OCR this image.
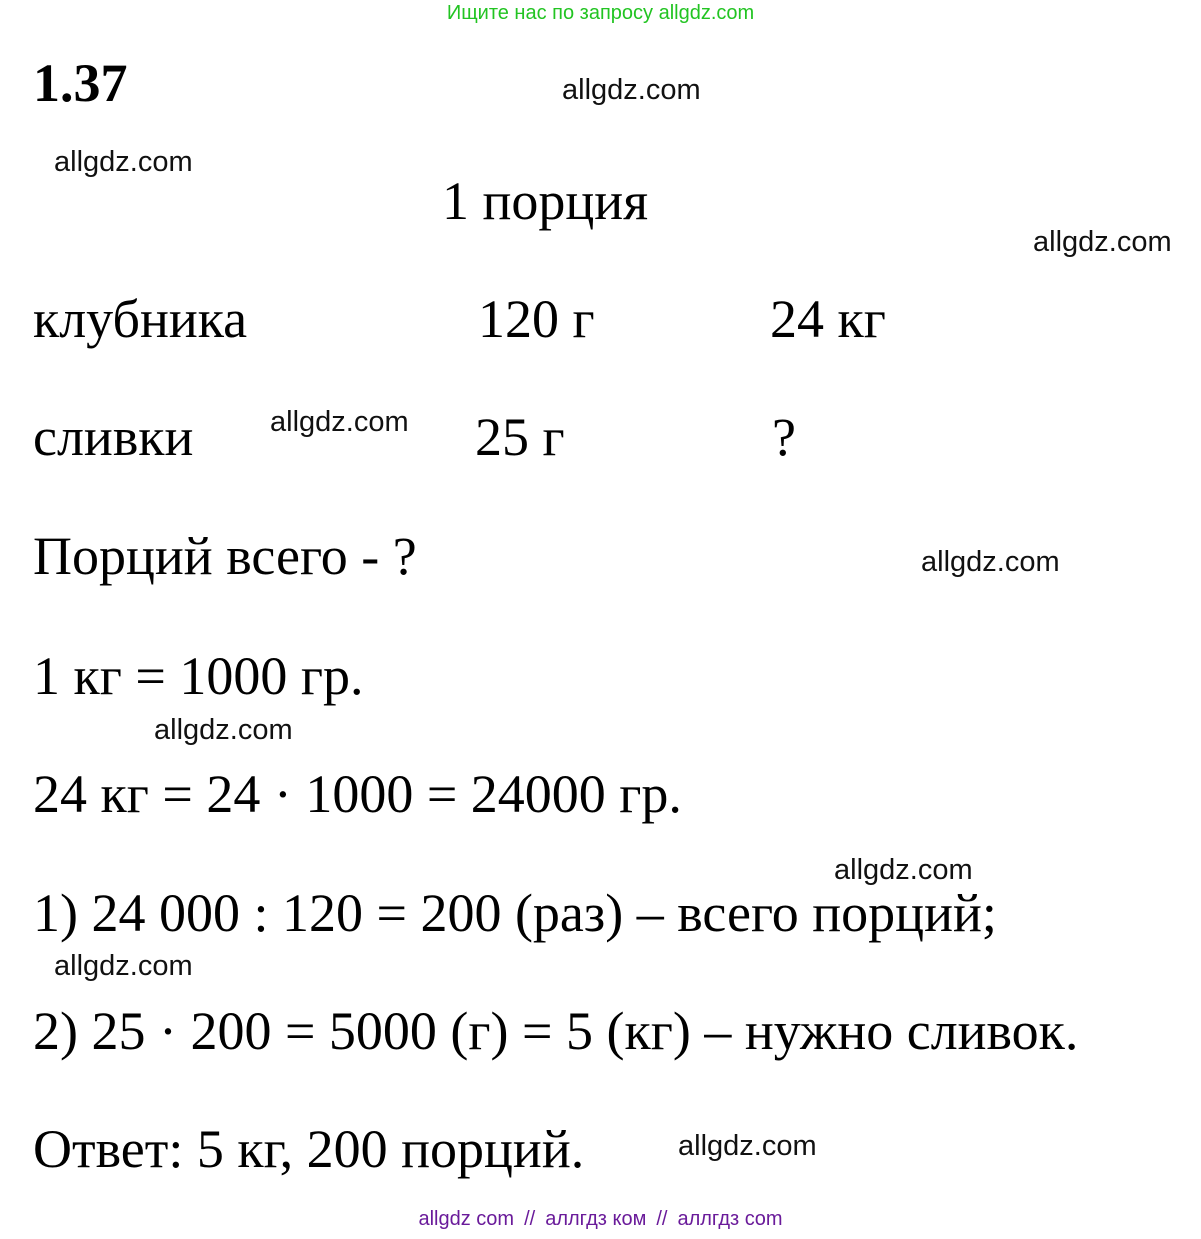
Ищите нас по запросу allgdz.com
1.37	allgdz.com
allgdz.com
allgdz.com
allgdz.com
allgdz.com
allgdz.com
allgdz.com
allgdz.com
allgdz.com
1 порция
клубника	120 г	24 кг
сливки	25 г	?
Порций всего - ?
1 кг = 1000 гр.
24 кг = 24 · 1000 = 24000 гр.
1) 24 000 : 120 = 200 (раз) – всего порций;
2) 25 · 200 = 5000 (г) = 5 (кг) – нужно сливок.
Ответ: 5 кг, 200 порций.
allgdz com // аллгдз ком // аллгдз com
